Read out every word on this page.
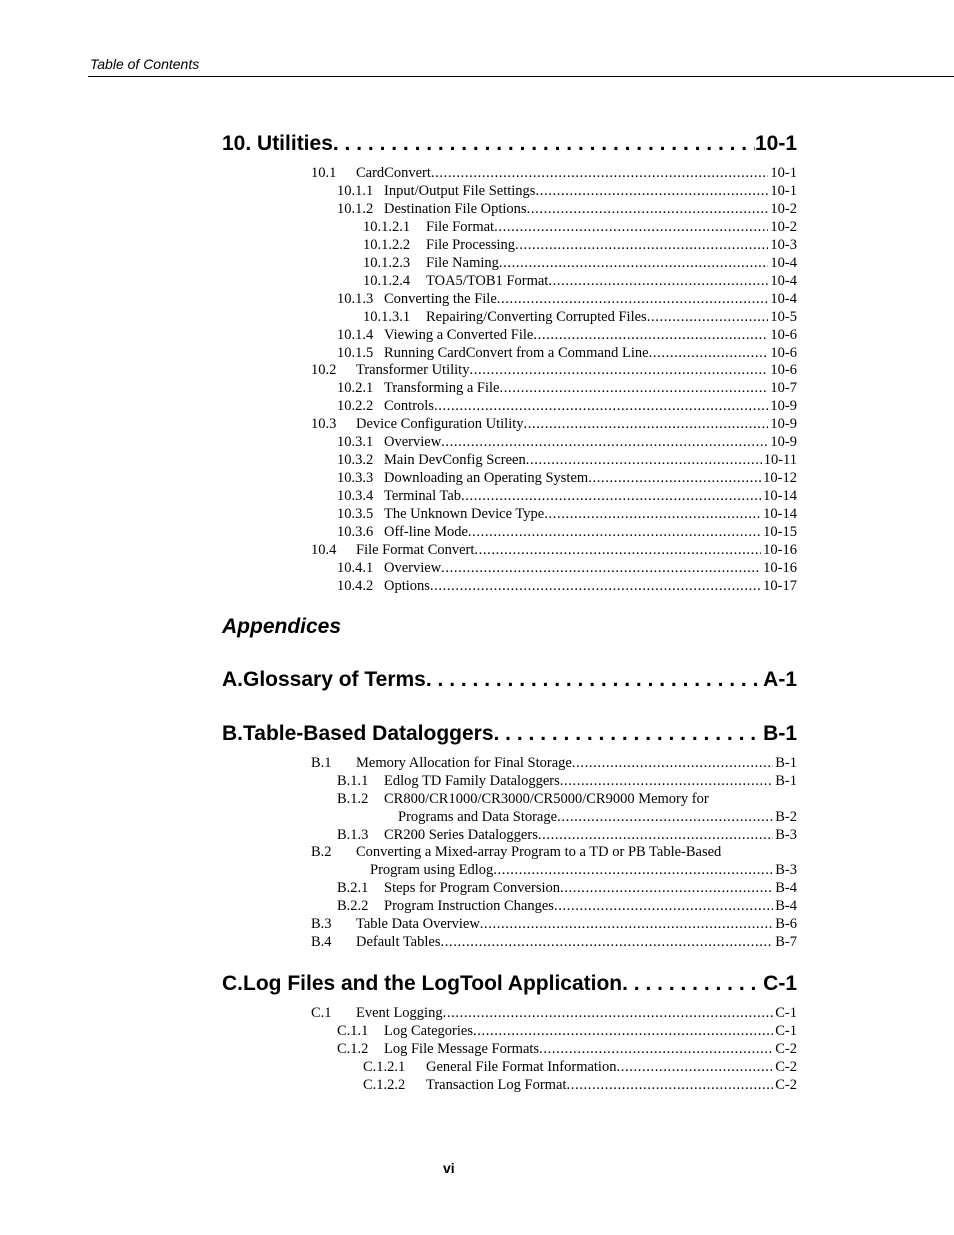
Table of Contents
10. Utilities . . .	10-1
10.1	CardConvert . . .	10-1
10.1.1 Input/Output File Settings . . .	10-1
10.1.2 Destination File Options . . .	10-2
10.1.2.1	File Format . . .	10-2
10.1.2.2	File Processing . . .	10-3
10.1.2.3	File Naming . . .	10-4
10.1.2.4	TOA5/TOB1 Format . . .	10-4
10.1.3 Converting the File . . .	10-4
10.1.3.1	Repairing/Converting Corrupted Files . . .	10-5
10.1.4 Viewing a Converted File . . .	10-6
10.1.5 Running CardConvert from a Command Line . . .	10-6
10.2	Transformer Utility . . .	10-6
10.2.1 Transforming a File . . .	10-7
10.2.2 Controls . . .	10-9
10.3	Device Configuration Utility . . .	10-9
10.3.1 Overview . . .	10-9
10.3.2 Main DevConfig Screen . . .	10-11
10.3.3 Downloading an Operating System . . .	10-12
10.3.4 Terminal Tab . . .	10-14
10.3.5 The Unknown Device Type . . .	10-14
10.3.6 Off-line Mode . . .	10-15
10.4	File Format Convert . . .	10-16
10.4.1 Overview . . .	10-16
10.4.2 Options . . .	10-17
Appendices
A. Glossary of Terms . . .	A-1
B. Table-Based Dataloggers . . .	B-1
B.1	Memory Allocation for Final Storage . . .	B-1
B.1.1	Edlog TD Family Dataloggers . . .	B-1
B.1.2 CR800/CR1000/CR3000/CR5000/CR9000 Memory for
Programs and Data Storage . . .	B-2
B.1.3	CR200 Series Dataloggers . . .	B-3
B.2 Converting a Mixed-array Program to a TD or PB Table-Based
Program using Edlog . . .	B-3
B.2.1	Steps for Program Conversion . . .	B-4
B.2.2	Program Instruction Changes . . .	B-4
B.3	Table Data Overview . . .	B-6
B.4	Default Tables . . .	B-7
C. Log Files and the LogTool Application . . .	C-1
C.1	Event Logging . . .	C-1
C.1.1	Log Categories . . .	C-1
C.1.2	Log File Message Formats . . .	C-2
C.1.2.1	General File Format Information . . .	C-2
C.1.2.2	Transaction Log Format . . .	C-2
vi
